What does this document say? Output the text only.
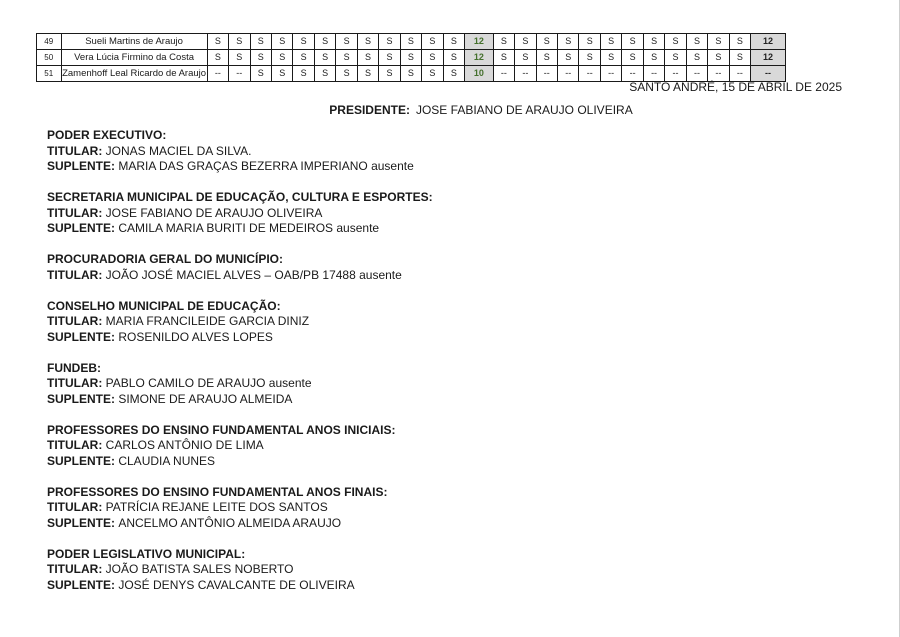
49	Sueli Martins de Araujo	S	S	S	S	S	S	S	S	S	S	S	S	12	S	S	S	S	S	S	S	S	S	S	S	S	12
50	Vera Lúcia Firmino da Costa	S	S	S	S	S	S	S	S	S	S	S	S	12	S	S	S	S	S	S	S	S	S	S	S	S	12
51	Zamenhoff Leal Ricardo de Araujo	--	--	S	S	S	S	S	S	S	S	S	S	10	--	--	--	--	--	--	--	--	--	--	--	--	--
SANTO ANDRÉ, 15 DE ABRIL DE 2025
PRESIDENTE: JOSE FABIANO DE ARAUJO OLIVEIRA
PODER EXECUTIVO:
TITULAR: JONAS MACIEL DA SILVA.
SUPLENTE: MARIA DAS GRAÇAS BEZERRA IMPERIANO ausente
SECRETARIA MUNICIPAL DE EDUCAÇÃO, CULTURA E ESPORTES:
TITULAR: JOSE FABIANO DE ARAUJO OLIVEIRA
SUPLENTE: CAMILA MARIA BURITI DE MEDEIROS ausente
PROCURADORIA GERAL DO MUNICÍPIO:
TITULAR: JOÃO JOSÉ MACIEL ALVES – OAB/PB 17488 ausente
CONSELHO MUNICIPAL DE EDUCAÇÃO:
TITULAR: MARIA FRANCILEIDE GARCIA DINIZ
SUPLENTE: ROSENILDO ALVES LOPES
FUNDEB:
TITULAR: PABLO CAMILO DE ARAUJO ausente
SUPLENTE: SIMONE DE ARAUJO ALMEIDA
PROFESSORES DO ENSINO FUNDAMENTAL ANOS INICIAIS:
TITULAR: CARLOS ANTÔNIO DE LIMA
SUPLENTE: CLAUDIA NUNES
PROFESSORES DO ENSINO FUNDAMENTAL ANOS FINAIS:
TITULAR: PATRÍCIA REJANE LEITE DOS SANTOS
SUPLENTE: ANCELMO ANTÔNIO ALMEIDA ARAUJO
PODER LEGISLATIVO MUNICIPAL:
TITULAR: JOÃO BATISTA SALES NOBERTO
SUPLENTE: JOSÉ DENYS CAVALCANTE DE OLIVEIRA
